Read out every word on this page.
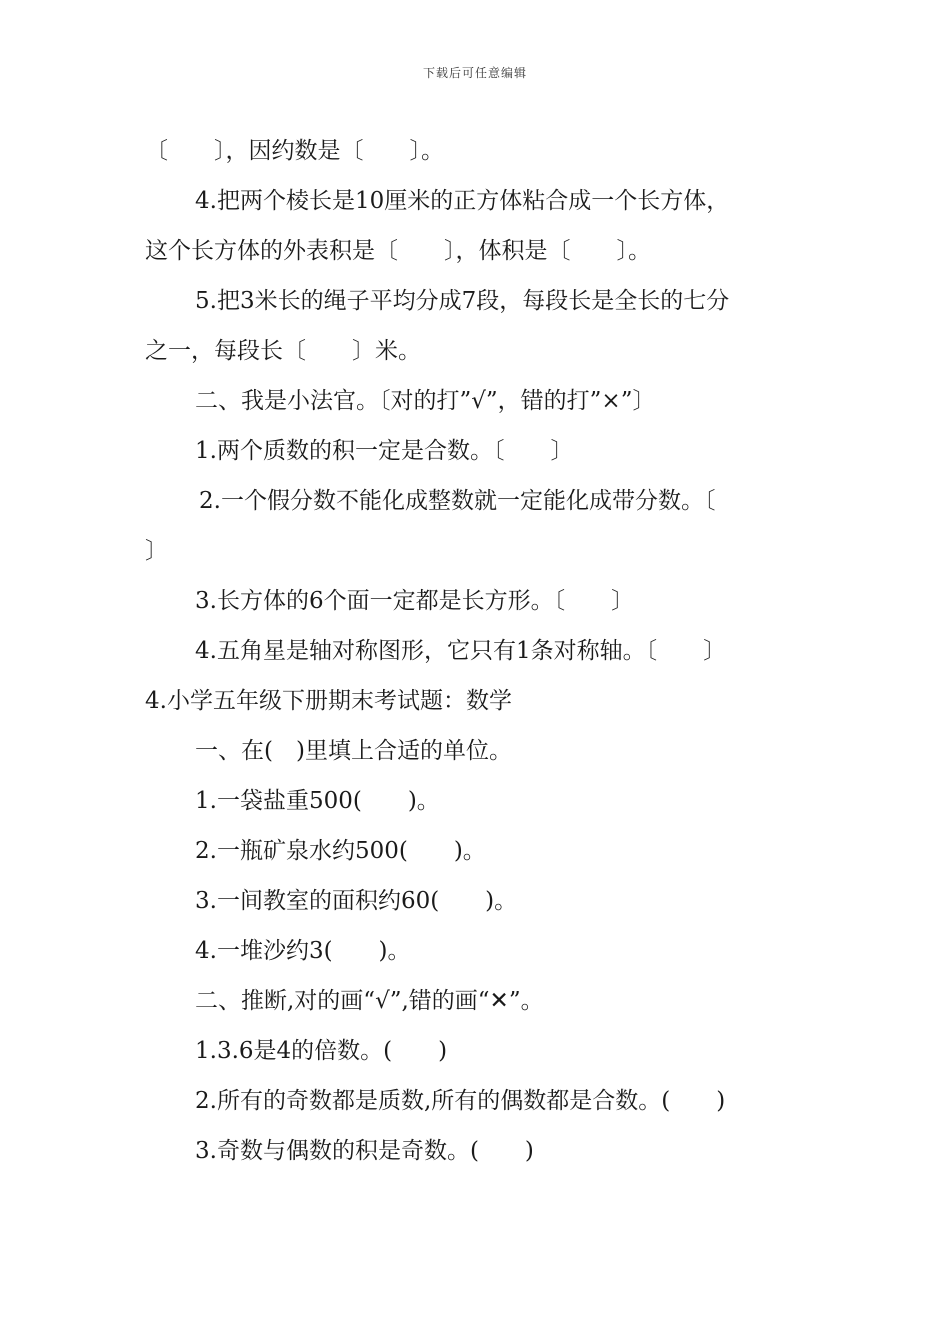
下载后可任意编辑
〔　　〕，因约数是〔　　〕。
4.把两个棱长是10厘米的正方体粘合成一个长方体，
这个长方体的外表积是〔　　〕，体积是〔　　〕。
5.把3米长的绳子平均分成7段，每段长是全长的七分
之一，每段长〔　　〕米。
二、我是小法官。〔对的打”√”，错的打”×”〕
1.两个质数的积一定是合数。〔　　〕
2.一个假分数不能化成整数就一定能化成带分数。〔
〕
3.长方体的6个面一定都是长方形。〔　　〕
4.五角星是轴对称图形，它只有1条对称轴。〔　　〕
4.小学五年级下册期末考试题：数学
一、在(　)里填上合适的单位。
1.一袋盐重500(　　)。
2.一瓶矿泉水约500(　　)。
3.一间教室的面积约60(　　)。
4.一堆沙约3(　　)。
二、推断,对的画“√”,错的画“✕”。
1.3.6是4的倍数。(　　)
2.所有的奇数都是质数,所有的偶数都是合数。(　　)
3.奇数与偶数的积是奇数。(　　)
